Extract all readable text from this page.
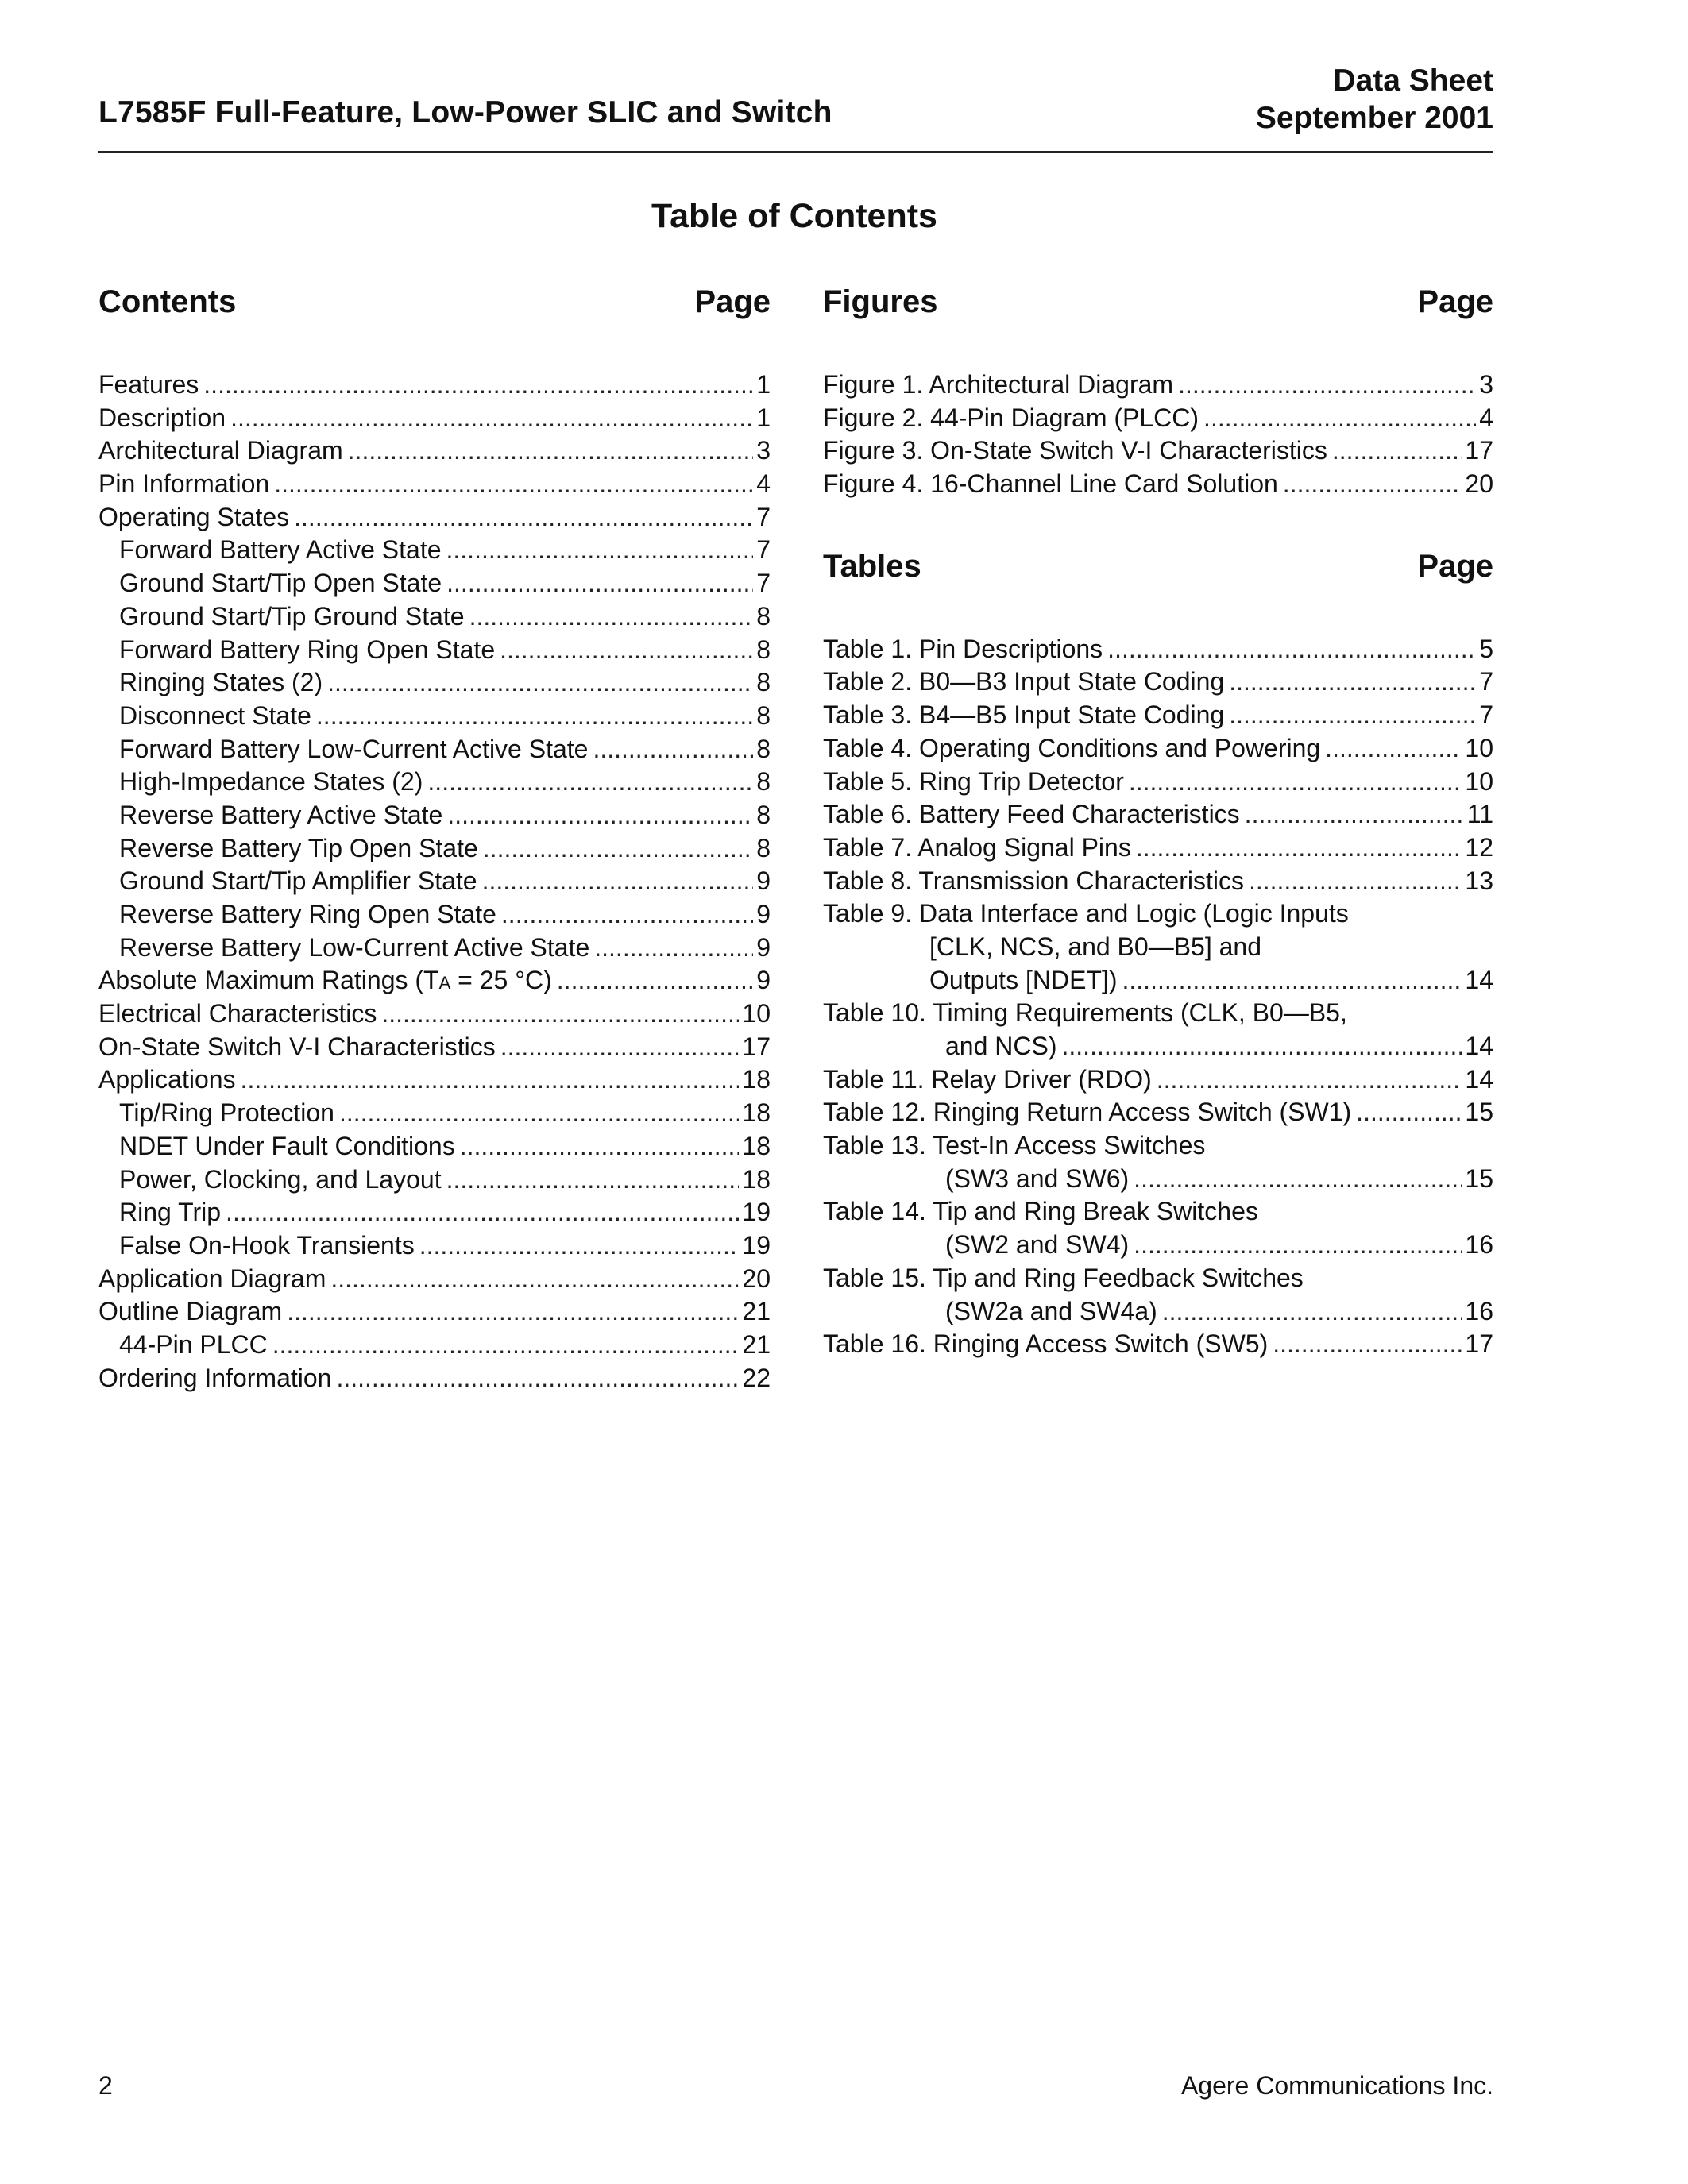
L7585F Full-Feature, Low-Power SLIC and Switch
Data Sheet
September 2001
Table of Contents
Contents	Page
Features .....	1
Description .....	1
Architectural Diagram .....	3
Pin Information .....	4
Operating States .....	7
Forward Battery Active State .....	7
Ground Start/Tip Open State .....	7
Ground Start/Tip Ground State .....	8
Forward Battery Ring Open State .....	8
Ringing States (2) .....	8
Disconnect State .....	8
Forward Battery Low-Current Active State .....	8
High-Impedance States (2) .....	8
Reverse Battery Active State .....	8
Reverse Battery Tip Open State .....	8
Ground Start/Tip Amplifier State .....	9
Reverse Battery Ring Open State .....	9
Reverse Battery Low-Current Active State .....	9
Absolute Maximum Ratings (TA = 25 °C) .....	9
Electrical Characteristics .....	10
On-State Switch V-I Characteristics .....	17
Applications .....	18
Tip/Ring Protection .....	18
NDET Under Fault Conditions .....	18
Power, Clocking, and Layout .....	18
Ring Trip .....	19
False On-Hook Transients .....	19
Application Diagram .....	20
Outline Diagram .....	21
44-Pin PLCC .....	21
Ordering Information .....	22
Figures	Page
Figure 1. Architectural Diagram .....	3
Figure 2. 44-Pin Diagram (PLCC) .....	4
Figure 3. On-State Switch V-I Characteristics .....	17
Figure 4. 16-Channel Line Card Solution .....	20
Tables	Page
Table 1. Pin Descriptions .....	5
Table 2. B0—B3 Input State Coding .....	7
Table 3. B4—B5 Input State Coding .....	7
Table 4. Operating Conditions and Powering .....	10
Table 5. Ring Trip Detector .....	10
Table 6. Battery Feed Characteristics .....	11
Table 7. Analog Signal Pins .....	12
Table 8. Transmission Characteristics .....	13
Table 9. Data Interface and Logic (Logic Inputs
[CLK, NCS, and B0—B5] and
Outputs [NDET]) .....	14
Table 10. Timing Requirements (CLK, B0—B5,
and NCS) .....	14
Table 11. Relay Driver (RDO) .....	14
Table 12. Ringing Return Access Switch (SW1) .....	15
Table 13. Test-In Access Switches
(SW3 and SW6) .....	15
Table 14. Tip and Ring Break Switches
(SW2 and SW4) .....	16
Table 15. Tip and Ring Feedback Switches
(SW2a and SW4a) .....	16
Table 16. Ringing Access Switch (SW5) .....	17
2	Agere Communications Inc.
